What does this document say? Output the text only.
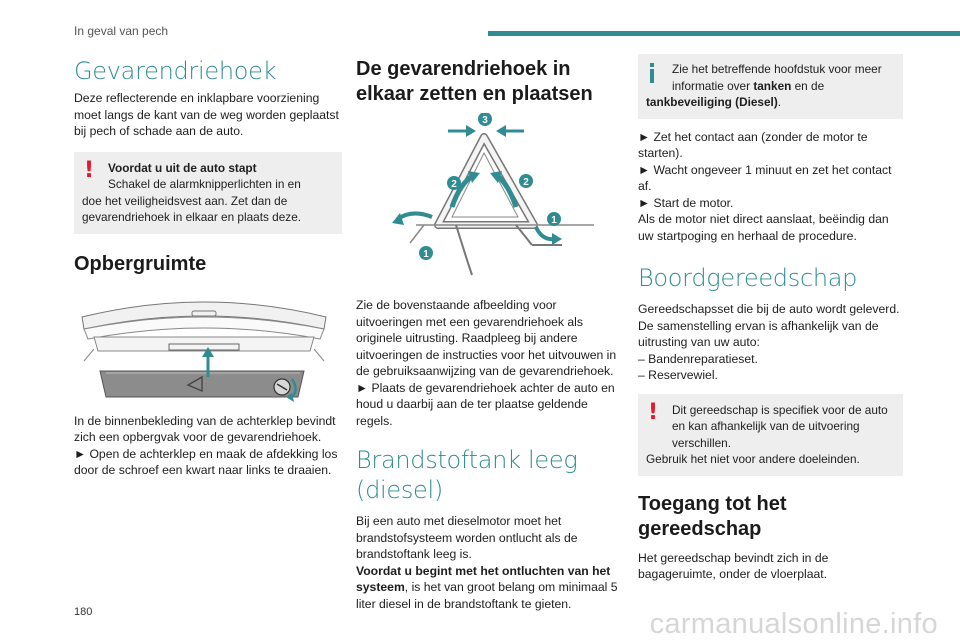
In geval van pech
Gevarendriehoek

Deze reflecterende en inklapbare voorziening moet langs de kant van de weg worden geplaatst bij pech of schade aan de auto.

!	Voordat u uit de auto stapt

Schakel de alarmknipperlichten in en

doe het veiligheidsvest aan. Zet dan de gevarendriehoek in elkaar en plaats deze.

Opbergruimte

In de binnenbekleding van de achterklep bevindt zich een opbergvak voor de gevarendriehoek.

► Open de achterklep en maak de afdekking los door de schroef een kwart naar links te draaien.

De gevarendriehoek in elkaar zetten en plaatsen
3
2	2
1
1

Zie de bovenstaande afbeelding voor uitvoeringen met een gevarendriehoek als originele uitrusting. Raadpleeg bij andere uitvoeringen de instructies voor het uitvouwen in de gebruiksaanwijzing van de gevarendriehoek.

► Plaats de gevarendriehoek achter de auto en houd u daarbij aan de ter plaatse geldende regels.

Brandstoftank leeg (diesel)

Bij een auto met dieselmotor moet het brandstofsysteem worden ontlucht als de brandstoftank leeg is.

Voordat u begint met het ontluchten van het systeem, is het van groot belang om minimaal 5 liter diesel in de brandstoftank te gieten.

Zie het betreffende hoofdstuk voor meer informatie over tanken en de

tankbeveiliging (Diesel).

► Zet het contact aan (zonder de motor te starten).

► Wacht ongeveer 1 minuut en zet het contact af.

► Start de motor.

Als de motor niet direct aanslaat, beëindig dan uw startpoging en herhaal de procedure.

Boordgereedschap

Gereedschapsset die bij de auto wordt geleverd. De samenstelling ervan is afhankelijk van de uitrusting van uw auto:

– Bandenreparatieset.

– Reservewiel.

!	Dit gereedschap is specifiek voor de auto en kan afhankelijk van de uitvoering verschillen.

Gebruik het niet voor andere doeleinden.

Toegang tot het gereedschap

Het gereedschap bevindt zich in de bagageruimte, onder de vloerplaat.

180	carmanualsonline.info
